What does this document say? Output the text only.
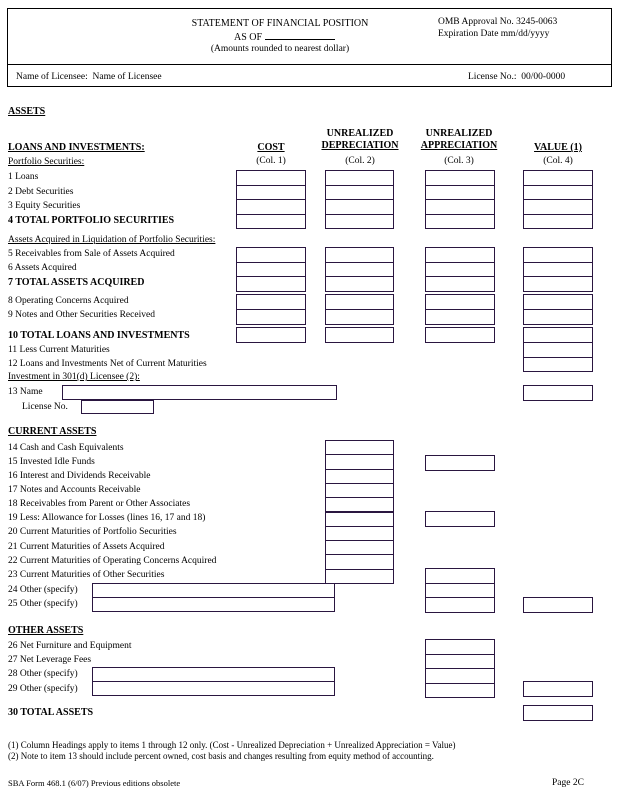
STATEMENT OF FINANCIAL POSITION
AS OF
(Amounts rounded to nearest dollar)
OMB Approval No. 3245-0063
Expiration Date mm/dd/yyyy
Name of Licensee: Name of Licensee	License No.: 00/00-0000
ASSETS
LOANS AND INVESTMENTS:
Portfolio Securities:
Assets Acquired in Liquidation of Portfolio Securities:
Investment in 301(d) Licensee (2):
CURRENT ASSETS
OTHER ASSETS
COST
(Col. 1)
UNREALIZED
DEPRECIATION
(Col. 2)
UNREALIZED
APPRECIATION
(Col. 3)
VALUE (1)
(Col. 4)
1 Loans
2 Debt Securities
3 Equity Securities
4 TOTAL PORTFOLIO SECURITIES
5 Receivables from Sale of Assets Acquired
6 Assets Acquired
7 TOTAL ASSETS ACQUIRED
8 Operating Concerns Acquired
9 Notes and Other Securities Received
10 TOTAL LOANS AND INVESTMENTS
11 Less Current Maturities
12 Loans and Investments Net of Current Maturities
13 Name
License No.
14 Cash and Cash Equivalents
15 Invested Idle Funds
16 Interest and Dividends Receivable
17 Notes and Accounts Receivable
18 Receivables from Parent or Other Associates
19 Less: Allowance for Losses (lines 16, 17 and 18)
20 Current Maturities of Portfolio Securities
21 Current Maturities of Assets Acquired
22 Current Maturities of Operating Concerns Acquired
23 Current Maturities of Other Securities
24 Other (specify)
25 Other (specify)
26 Net Furniture and Equipment
27 Net Leverage Fees
28 Other (specify)
29 Other (specify)
30 TOTAL ASSETS
(1) Column Headings apply to items 1 through 12 only. (Cost - Unrealized Depreciation + Unrealized Appreciation = Value)
(2) Note to item 13 should include percent owned, cost basis and changes resulting from equity method of accounting.
SBA Form 468.1 (6/07) Previous editions obsolete	Page 2C
